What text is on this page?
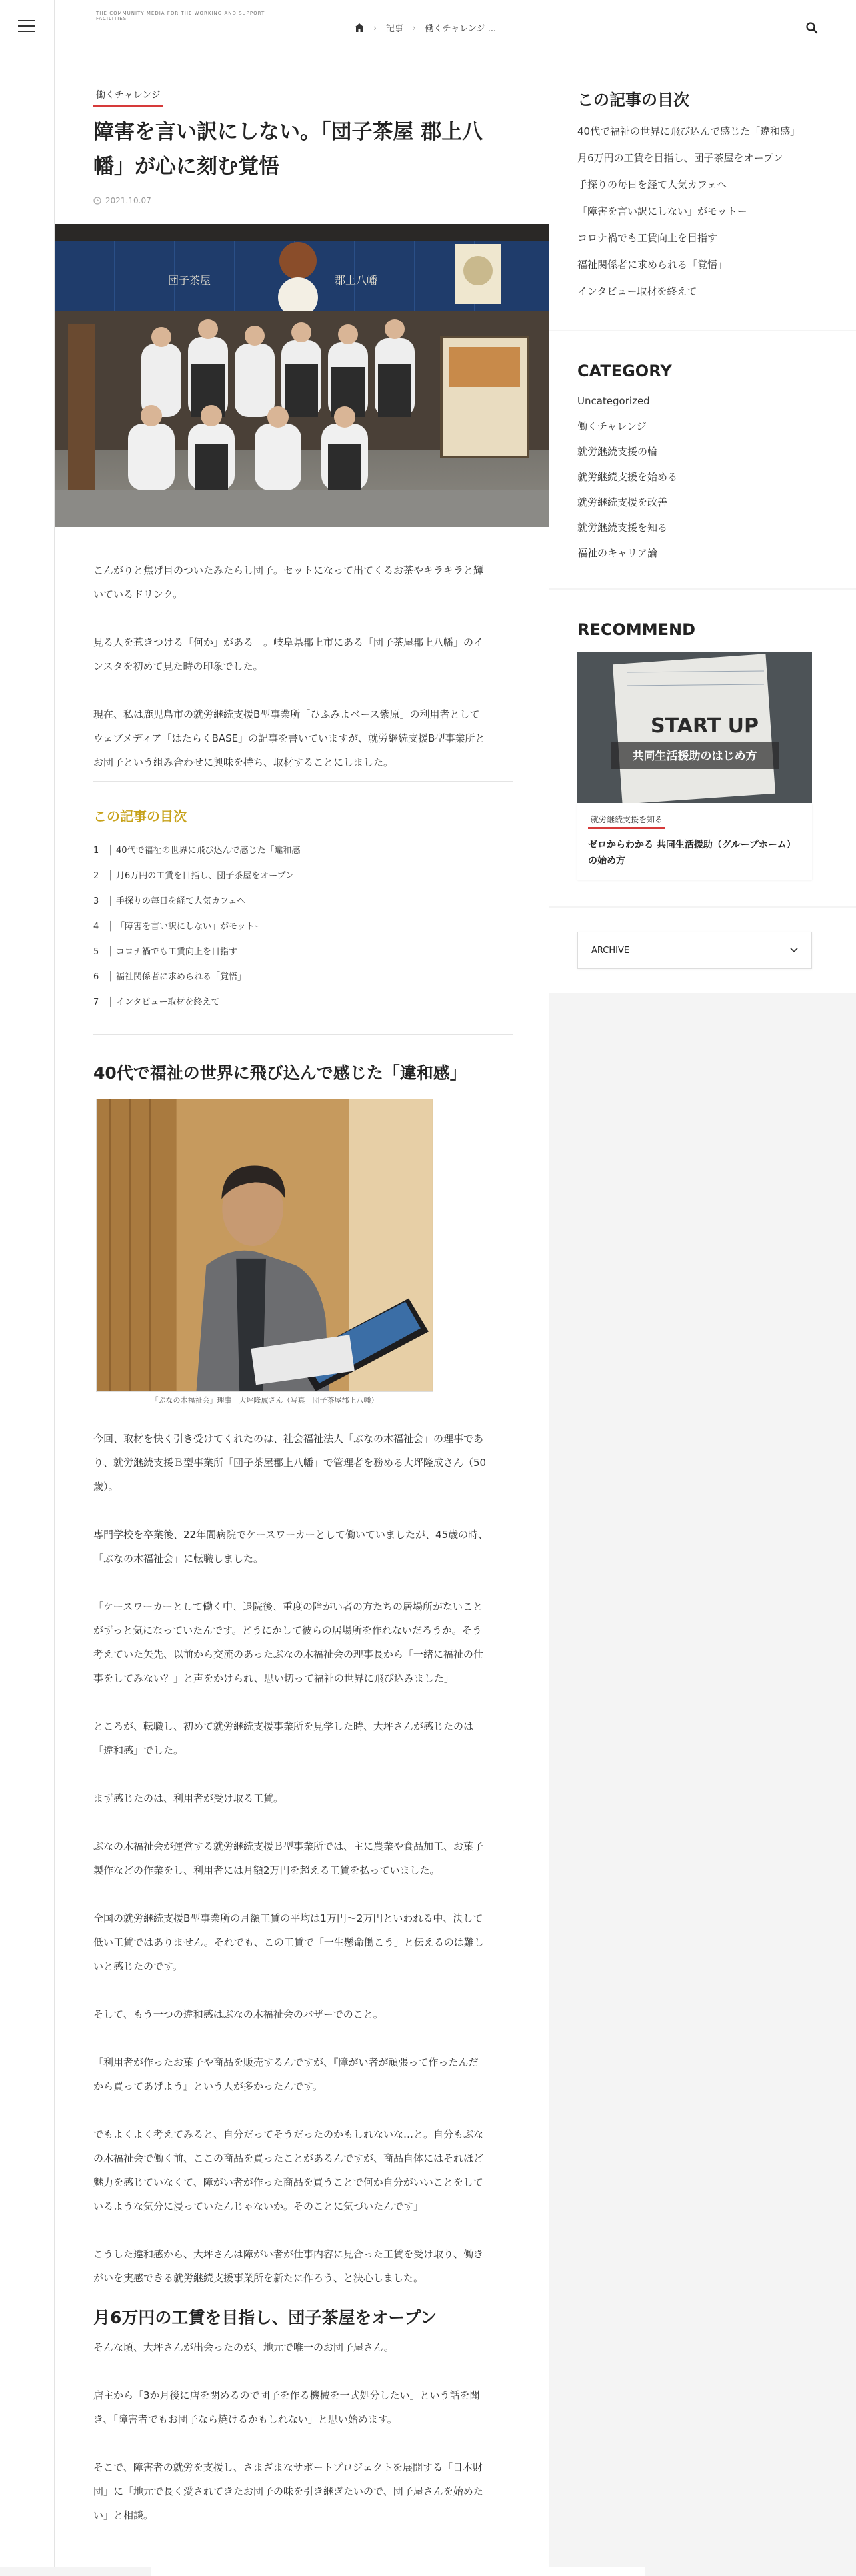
THE COMMUNITY MEDIA FOR THE WORKING AND SUPPORT FACILITIES
› 記事 › 働くチャレンジ ...
働くチャレンジ
障害を言い訳にしない。「団子茶屋 郡上八幡」が心に刻む覚悟
2021.10.07
団子茶屋	郡上八幡

こんがりと焦げ目のついたみたらし団子。セットになって出てくるお茶やキラキラと輝
いているドリンク。

見る人を惹きつける「何か」がある－。岐阜県郡上市にある「団子茶屋郡上八幡」のイ
ンスタを初めて見た時の印象でした。

現在、私は鹿児島市の就労継続支援B型事業所「ひふみよベース紫原」の利用者として
ウェブメディア「はたらくBASE」の記事を書いていますが、就労継続支援B型事業所と
お団子という組み合わせに興味を持ち、取材することにしました。

この記事の目次
1 │ 40代で福祉の世界に飛び込んで感じた「違和感」
2 │ 月6万円の工賃を目指し、団子茶屋をオープン
3 │ 手探りの毎日を経て人気カフェへ
4 │ 「障害を言い訳にしない」がモットー
5 │ コロナ禍でも工賃向上を目指す
6 │ 福祉関係者に求められる「覚悟」
7 │ インタビュー取材を終えて
40代で福祉の世界に飛び込んで感じた「違和感」
「ぶなの木福祉会」理事　大坪隆成さん（写真＝団子茶屋郡上八幡）

今回、取材を快く引き受けてくれたのは、社会福祉法人「ぶなの木福祉会」の理事であ
り、就労継続支援Ｂ型事業所「団子茶屋郡上八幡」で管理者を務める大坪隆成さん（50
歳）。

専門学校を卒業後、22年間病院でケースワーカーとして働いていましたが、45歳の時、
「ぶなの木福祉会」に転職しました。

「ケースワーカーとして働く中、退院後、重度の障がい者の方たちの居場所がないこと
がずっと気になっていたんです。どうにかして彼らの居場所を作れないだろうか。そう
考えていた矢先、以前から交流のあったぶなの木福祉会の理事長から「一緒に福祉の仕
事をしてみない？」と声をかけられ、思い切って福祉の世界に飛び込みました」

ところが、転職し、初めて就労継続支援事業所を見学した時、大坪さんが感じたのは
「違和感」でした。

まず感じたのは、利用者が受け取る工賃。

ぶなの木福祉会が運営する就労継続支援Ｂ型事業所では、主に農業や食品加工、お菓子
製作などの作業をし、利用者には月額2万円を超える工賃を払っていました。

全国の就労継続支援B型事業所の月額工賃の平均は1万円〜2万円といわれる中、決して
低い工賃ではありません。それでも、この工賃で「一生懸命働こう」と伝えるのは難し
いと感じたのです。

そして、もう一つの違和感はぶなの木福祉会のバザーでのこと。

「利用者が作ったお菓子や商品を販売するんですが、『障がい者が頑張って作ったんだ
から買ってあげよう』という人が多かったんです。

でもよくよく考えてみると、自分だってそうだったのかもしれないな…と。自分もぶな
の木福祉会で働く前、ここの商品を買ったことがあるんですが、商品自体にはそれほど
魅力を感じていなくて、障がい者が作った商品を買うことで何か自分がいいことをして
いるような気分に浸っていたんじゃないか。そのことに気づいたんです」

こうした違和感から、大坪さんは障がい者が仕事内容に見合った工賃を受け取り、働き
がいを実感できる就労継続支援事業所を新たに作ろう、と決心しました。

月6万円の工賃を目指し、団子茶屋をオープン

そんな頃、大坪さんが出会ったのが、地元で唯一のお団子屋さん。

店主から「3か月後に店を閉めるので団子を作る機械を一式処分したい」という話を聞
き、「障害者でもお団子なら焼けるかもしれない」と思い始めます。

そこで、障害者の就労を支援し、さまざまなサポートプロジェクトを展開する「日本財
団」に「地元で長く愛されてきたお団子の味を引き継ぎたいので、団子屋さんを始めた
い」と相談。

この記事の目次
40代で福祉の世界に飛び込んで感じた「違和感」
月6万円の工賃を目指し、団子茶屋をオープン
手探りの毎日を経て人気カフェへ
「障害を言い訳にしない」がモットー
コロナ禍でも工賃向上を目指す
福祉関係者に求められる「覚悟」
インタビュー取材を終えて
CATEGORY
Uncategorized
働くチャレンジ
就労継続支援の輪
就労継続支援を始める
就労継続支援を改善
就労継続支援を知る
福祉のキャリア論
RECOMMEND
START UP
共同生活援助のはじめ方
就労継続支援を知る
ゼロからわかる 共同生活援助（グループホーム）の始め方
ARCHIVE
